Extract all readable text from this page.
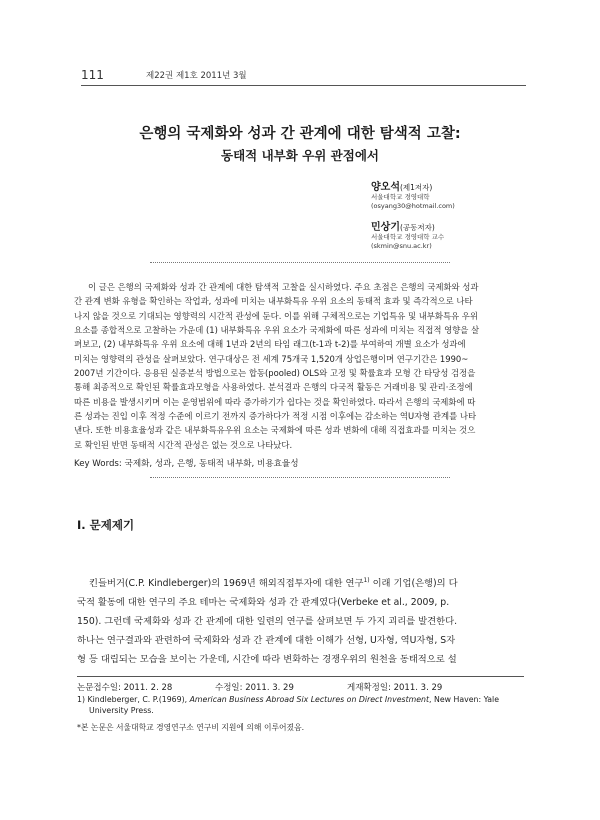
111	제22권 제1호 2011년 3월
은행의 국제화와 성과 간 관계에 대한 탐색적 고찰:
동태적 내부화 우위 관점에서
양오석(제1저자)
서울대학교 경영대학
(osyang30@hotmail.com)
민상기(공동저자)
서울대학교 경영대학 교수
(skmin@snu.ac.kr)
이 글은 은행의 국제화와 성과 간 관계에 대한 탐색적 고찰을 실시하였다. 주요 초점은 은행의 국제화와 성과
간 관계 변화 유형을 확인하는 작업과, 성과에 미치는 내부화특유 우위 요소의 동태적 효과 및 즉각적으로 나타
나지 않을 것으로 기대되는 영향력의 시간적 관성에 둔다. 이를 위해 구체적으로는 기업특유 및 내부화특유 우위
요소를 종합적으로 고찰하는 가운데 (1) 내부화특유 우위 요소가 국제화에 따른 성과에 미치는 직접적 영향을 살
펴보고, (2) 내부화특유 우위 요소에 대해 1년과 2년의 타임 래그(t-1과 t-2)를 부여하여 개별 요소가 성과에
미치는 영향력의 관성을 살펴보았다. 연구대상은 전 세계 75개국 1,520개 상업은행이며 연구기간은 1990~
2007년 기간이다. 응용된 실증분석 방법으로는 합동(pooled) OLS와 고정 및 확률효과 모형 간 타당성 검정을
통해 최종적으로 확인된 확률효과모형을 사용하였다. 분석결과 은행의 다국적 활동은 거래비용 및 관리·조정에
따른 비용을 발생시키며 이는 운영범위에 따라 증가하기가 쉽다는 것을 확인하였다. 따라서 은행의 국제화에 따
른 성과는 진입 이후 적정 수준에 이르기 전까지 증가하다가 적정 시점 이후에는 감소하는 역U자형 관계를 나타
낸다. 또한 비용효율성과 같은 내부화특유우위 요소는 국제화에 따른 성과 변화에 대해 직접효과를 미치는 것으
로 확인된 반면 동태적 시간적 관성은 없는 것으로 나타났다.
Key Words: 국제화, 성과, 은행, 동태적 내부화, 비용효율성
Ⅰ. 문제제기
킨들버거(C.P. Kindleberger)의 1969년 해외직접투자에 대한 연구$^{1)}$ 이래 기업(은행)의 다
국적 활동에 대한 연구의 주요 테마는 국제화와 성과 간 관계였다(Verbeke et al., 2009, p.
150). 그런데 국제화와 성과 간 관계에 대한 일련의 연구를 살펴보면 두 가지 괴리를 발견한다.
하나는 연구결과와 관련하여 국제화와 성과 간 관계에 대한 이해가 선형, U자형, 역U자형, S자
형 등 대립되는 모습을 보이는 가운데, 시간에 따라 변화하는 경쟁우위의 원천을 동태적으로 설
논문접수일: 2011. 2. 28	수정일: 2011. 3. 29	게재확정일: 2011. 3. 29
1) Kindleberger, C. P.(1969), American Business Abroad Six Lectures on Direct Investment, New Haven: Yale
University Press.
*본 논문은 서울대학교 경영연구소 연구비 지원에 의해 이루어졌음.
